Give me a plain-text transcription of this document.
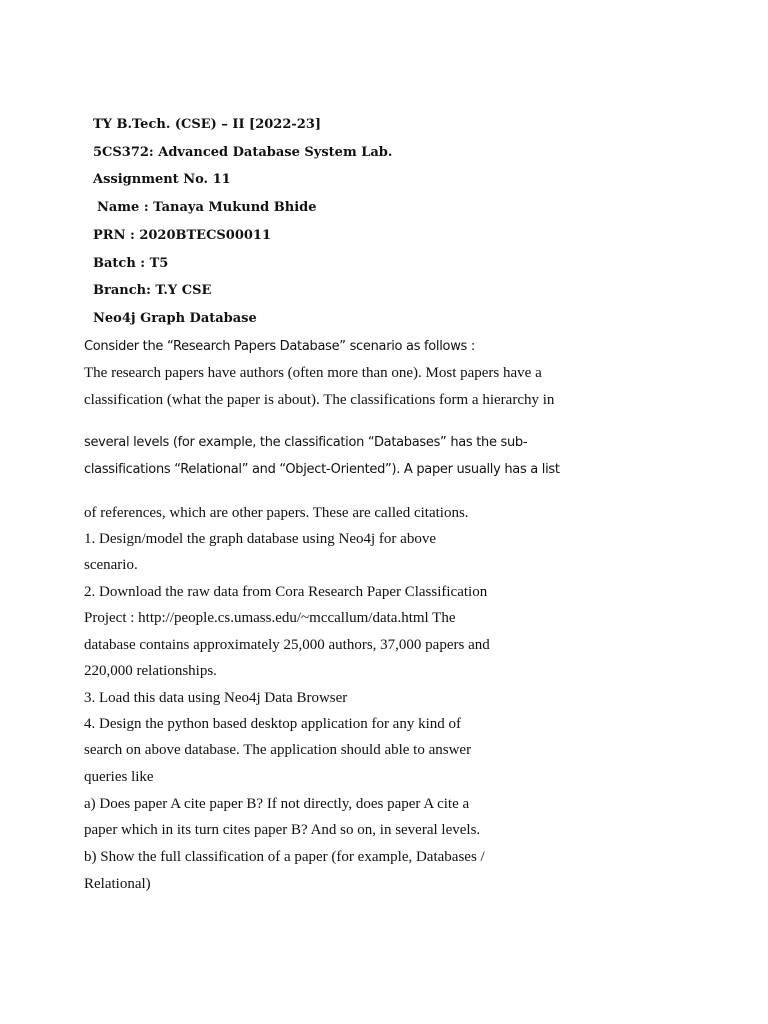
TY B.Tech. (CSE) – II [2022-23]
5CS372: Advanced Database System Lab.
Assignment No. 11
Name : Tanaya Mukund Bhide
PRN : 2020BTECS00011
Batch : T5
Branch: T.Y CSE
Neo4j Graph Database
Consider the “Research Papers Database” scenario as follows :
The research papers have authors (often more than one). Most papers have a
classification (what the paper is about). The classifications form a hierarchy in
several levels (for example, the classification “Databases” has the sub-
classifications “Relational” and “Object-Oriented”). A paper usually has a list
of references, which are other papers. These are called citations.
1. Design/model the graph database using Neo4j for above
scenario.
2. Download the raw data from Cora Research Paper Classification
Project : http://people.cs.umass.edu/~mccallum/data.html The
database contains approximately 25,000 authors, 37,000 papers and
220,000 relationships.
3. Load this data using Neo4j Data Browser
4. Design the python based desktop application for any kind of
search on above database. The application should able to answer
queries like
a) Does paper A cite paper B? If not directly, does paper A cite a
paper which in its turn cites paper B? And so on, in several levels.
b) Show the full classification of a paper (for example, Databases /
Relational)
